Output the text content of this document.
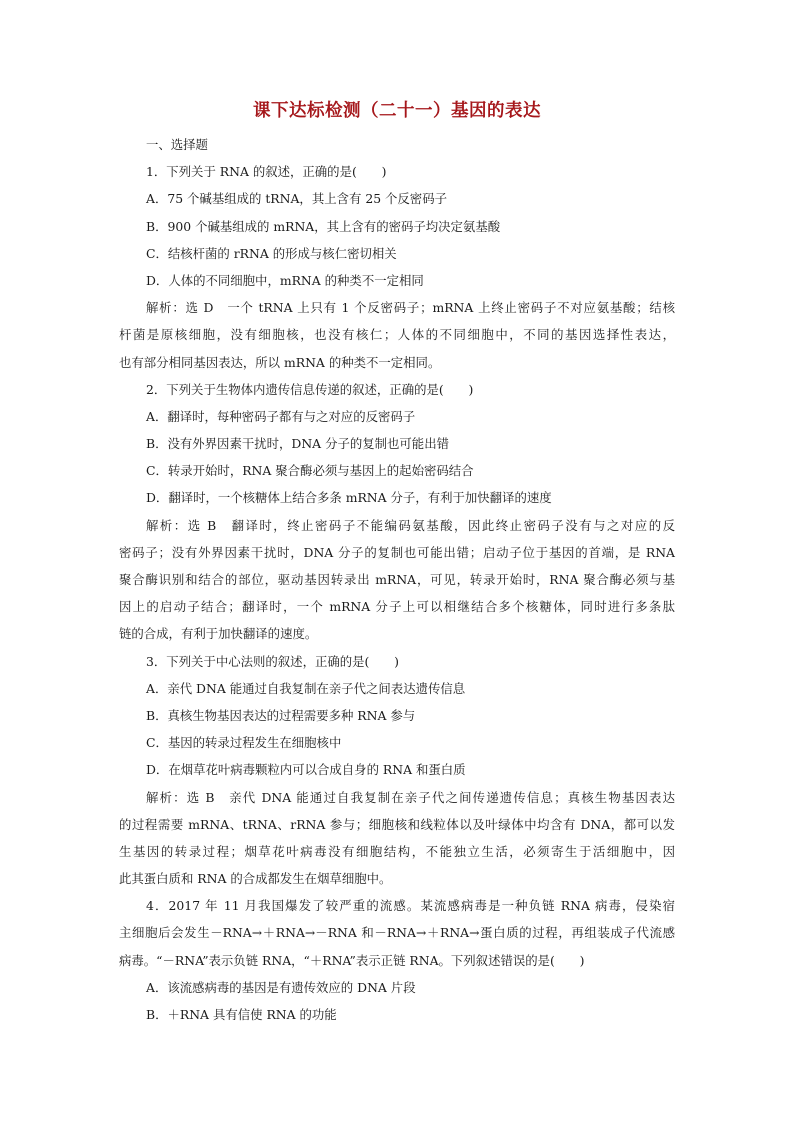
课下达标检测（二十一）基因的表达
一、选择题
1．下列关于 RNA 的叙述，正确的是(　　)
A．75 个碱基组成的 tRNA，其上含有 25 个反密码子
B．900 个碱基组成的 mRNA，其上含有的密码子均决定氨基酸
C．结核杆菌的 rRNA 的形成与核仁密切相关
D．人体的不同细胞中，mRNA 的种类不一定相同
解析：选 D　一个 tRNA 上只有 1 个反密码子；mRNA 上终止密码子不对应氨基酸；结核
杆菌是原核细胞，没有细胞核，也没有核仁；人体的不同细胞中，不同的基因选择性表达，
也有部分相同基因表达，所以 mRNA 的种类不一定相同。
2．下列关于生物体内遗传信息传递的叙述，正确的是(　　)
A．翻译时，每种密码子都有与之对应的反密码子
B．没有外界因素干扰时，DNA 分子的复制也可能出错
C．转录开始时，RNA 聚合酶必须与基因上的起始密码结合
D．翻译时，一个核糖体上结合多条 mRNA 分子，有利于加快翻译的速度
解析：选 B　翻译时，终止密码子不能编码氨基酸，因此终止密码子没有与之对应的反
密码子；没有外界因素干扰时，DNA 分子的复制也可能出错；启动子位于基因的首端，是 RNA
聚合酶识别和结合的部位，驱动基因转录出 mRNA，可见，转录开始时，RNA 聚合酶必须与基
因上的启动子结合；翻译时，一个 mRNA 分子上可以相继结合多个核糖体，同时进行多条肽
链的合成，有利于加快翻译的速度。
3．下列关于中心法则的叙述，正确的是(　　)
A．亲代 DNA 能通过自我复制在亲子代之间表达遗传信息
B．真核生物基因表达的过程需要多种 RNA 参与
C．基因的转录过程发生在细胞核中
D．在烟草花叶病毒颗粒内可以合成自身的 RNA 和蛋白质
解析：选 B　亲代 DNA 能通过自我复制在亲子代之间传递遗传信息；真核生物基因表达
的过程需要 mRNA、tRNA、rRNA 参与；细胞核和线粒体以及叶绿体中均含有 DNA，都可以发
生基因的转录过程；烟草花叶病毒没有细胞结构，不能独立生活，必须寄生于活细胞中，因
此其蛋白质和 RNA 的合成都发生在烟草细胞中。
4．2017 年 11 月我国爆发了较严重的流感。某流感病毒是一种负链 RNA 病毒，侵染宿
主细胞后会发生－RNA→＋RNA→－RNA 和－RNA→＋RNA→蛋白质的过程，再组装成子代流感
病毒。“－RNA”表示负链 RNA，“＋RNA”表示正链 RNA。下列叙述错误的是(　　)
A．该流感病毒的基因是有遗传效应的 DNA 片段
B．＋RNA 具有信使 RNA 的功能
